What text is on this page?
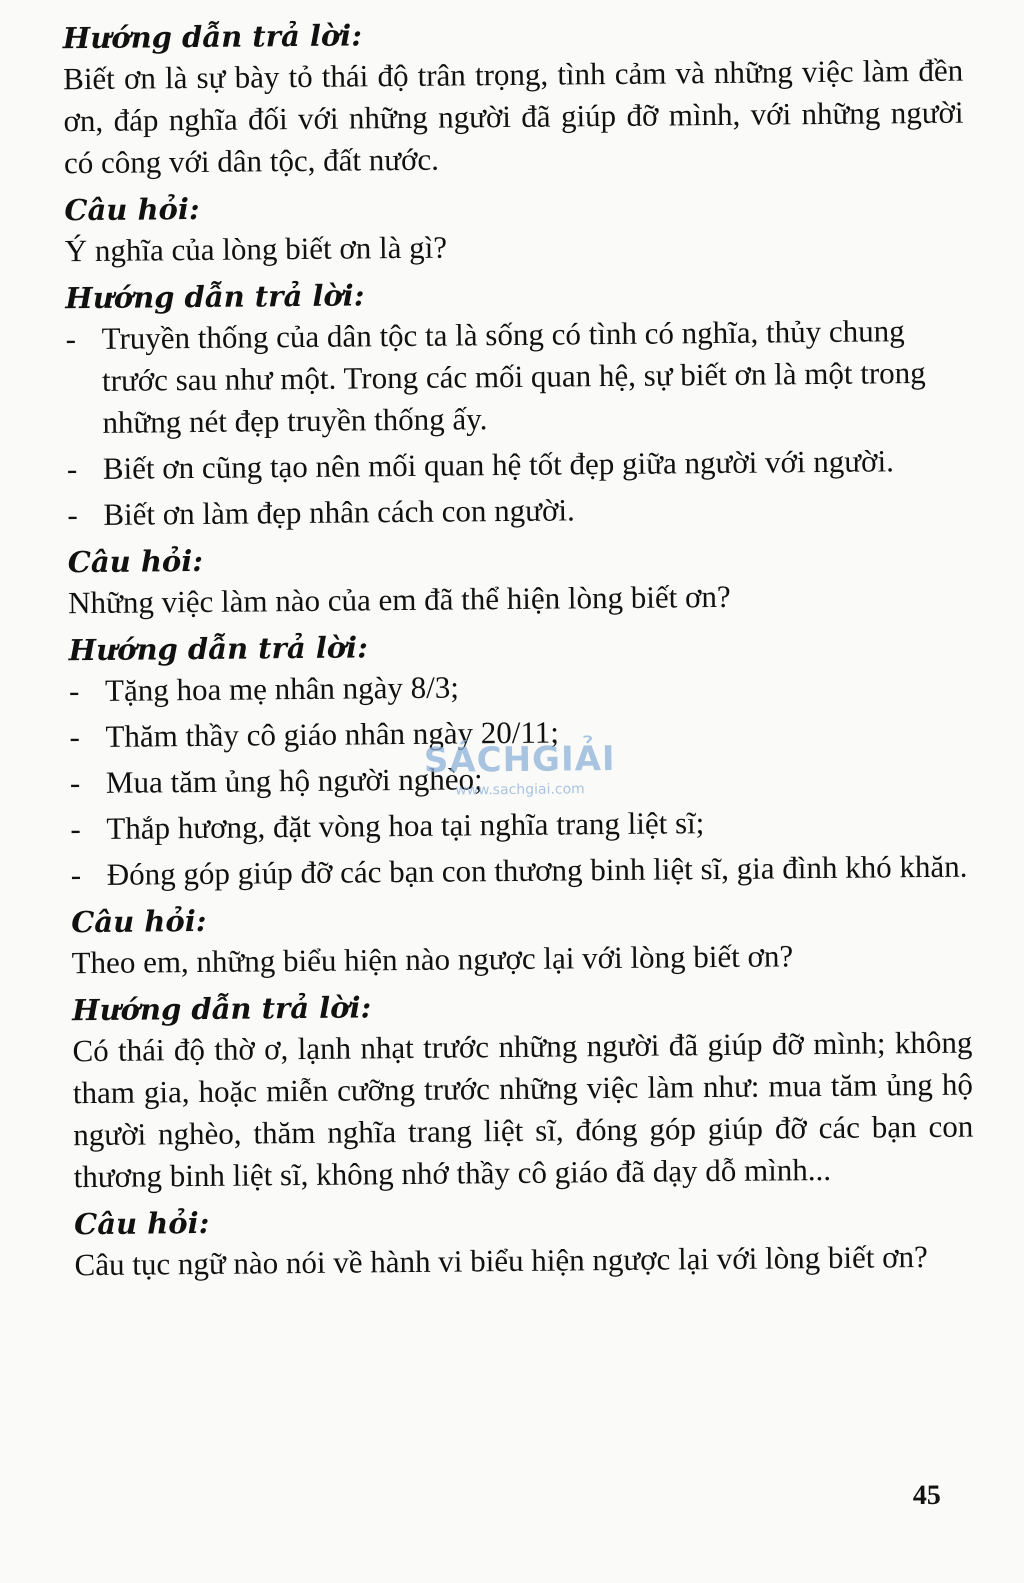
Hướng dẫn trả lời:

Biết ơn là sự bày tỏ thái độ trân trọng, tình cảm và những việc làm đền ơn, đáp nghĩa đối với những người đã giúp đỡ mình, với những người có công với dân tộc, đất nước.

Câu hỏi:

Ý nghĩa của lòng biết ơn là gì?

Hướng dẫn trả lời:
- Truyền thống của dân tộc ta là sống có tình có nghĩa, thủy chung trước sau như một. Trong các mối quan hệ, sự biết ơn là một trong những nét đẹp truyền thống ấy.
- Biết ơn cũng tạo nên mối quan hệ tốt đẹp giữa người với người.
- Biết ơn làm đẹp nhân cách con người.
Câu hỏi:

Những việc làm nào của em đã thể hiện lòng biết ơn?

Hướng dẫn trả lời:
- Tặng hoa mẹ nhân ngày 8/3;
- Thăm thầy cô giáo nhân ngày 20/11;
- Mua tăm ủng hộ người nghèo;
- Thắp hương, đặt vòng hoa tại nghĩa trang liệt sĩ;
- Đóng góp giúp đỡ các bạn con thương binh liệt sĩ, gia đình khó khăn.
Câu hỏi:

Theo em, những biểu hiện nào ngược lại với lòng biết ơn?

Hướng dẫn trả lời:

Có thái độ thờ ơ, lạnh nhạt trước những người đã giúp đỡ mình; không tham gia, hoặc miễn cưỡng trước những việc làm như: mua tăm ủng hộ người nghèo, thăm nghĩa trang liệt sĩ, đóng góp giúp đỡ các bạn con thương binh liệt sĩ, không nhớ thầy cô giáo đã dạy dỗ mình...

Câu hỏi:

Câu tục ngữ nào nói về hành vi biểu hiện ngược lại với lòng biết ơn?

SÁCHGIẢI
www.sachgiai.com
45
